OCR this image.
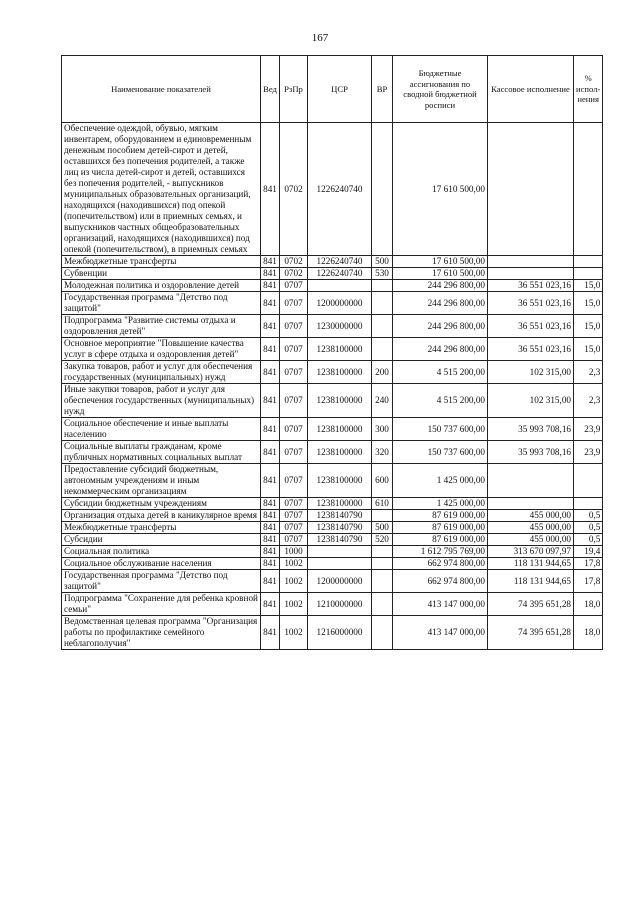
167
Наименование показателей	Вед	РзПр	ЦСР	ВР	Бюджетные ассигнования по сводной бюджетной росписи	Кассовое исполнение	% испол-нения
Обеспечение одеждой, обувью, мягким инвентарем, оборудованием и единовременным денежным пособием детей-сирот и детей, оставшихся без попечения родителей, а также лиц из числа детей-сирот и детей, оставшихся без попечения родителей, - выпускников муниципальных образовательных организаций, находящихся (находившихся) под опекой (попечительством) или в приемных семьях, и выпускников частных общеобразовательных организаций, находящихся (находившихся) под опекой (попечительством), в приемных семьях	841	0702	1226240740		17 610 500,00		
Межбюджетные трансферты	841	0702	1226240740	500	17 610 500,00		
Субвенции	841	0702	1226240740	530	17 610 500,00		
Молодежная политика и оздоровление детей	841	0707			244 296 800,00	36 551 023,16	15,0
Государственная программа "Детство под защитой"	841	0707	1200000000		244 296 800,00	36 551 023,16	15,0
Подпрограмма "Развитие системы отдыха и оздоровления детей"	841	0707	1230000000		244 296 800,00	36 551 023,16	15,0
Основное мероприятие "Повышение качества услуг в сфере отдыха и оздоровления детей"	841	0707	1238100000		244 296 800,00	36 551 023,16	15,0
Закупка товаров, работ и услуг для обеспечения государственных (муниципальных) нужд	841	0707	1238100000	200	4 515 200,00	102 315,00	2,3
Иные закупки товаров, работ и услуг для обеспечения государственных (муниципальных) нужд	841	0707	1238100000	240	4 515 200,00	102 315,00	2,3
Социальное обеспечение и иные выплаты населению	841	0707	1238100000	300	150 737 600,00	35 993 708,16	23,9
Социальные выплаты гражданам, кроме публичных нормативных социальных выплат	841	0707	1238100000	320	150 737 600,00	35 993 708,16	23,9
Предоставление субсидий бюджетным, автономным учреждениям и иным некоммерческим организациям	841	0707	1238100000	600	1 425 000,00		
Субсидии бюджетным учреждениям	841	0707	1238100000	610	1 425 000,00		
Организация отдыха детей в каникулярное время	841	0707	1238140790		87 619 000,00	455 000,00	0,5
Межбюджетные трансферты	841	0707	1238140790	500	87 619 000,00	455 000,00	0,5
Субсидии	841	0707	1238140790	520	87 619 000,00	455 000,00	0,5
Социальная политика	841	1000			1 612 795 769,00	313 670 097,97	19,4
Социальное обслуживание населения	841	1002			662 974 800,00	118 131 944,65	17,8
Государственная программа "Детство под защитой"	841	1002	1200000000		662 974 800,00	118 131 944,65	17,8
Подпрограмма "Сохранение для ребенка кровной семьи"	841	1002	1210000000		413 147 000,00	74 395 651,28	18,0
Ведомственная целевая программа "Организация работы по профилактике семейного неблагополучия"	841	1002	1216000000		413 147 000,00	74 395 651,28	18,0
